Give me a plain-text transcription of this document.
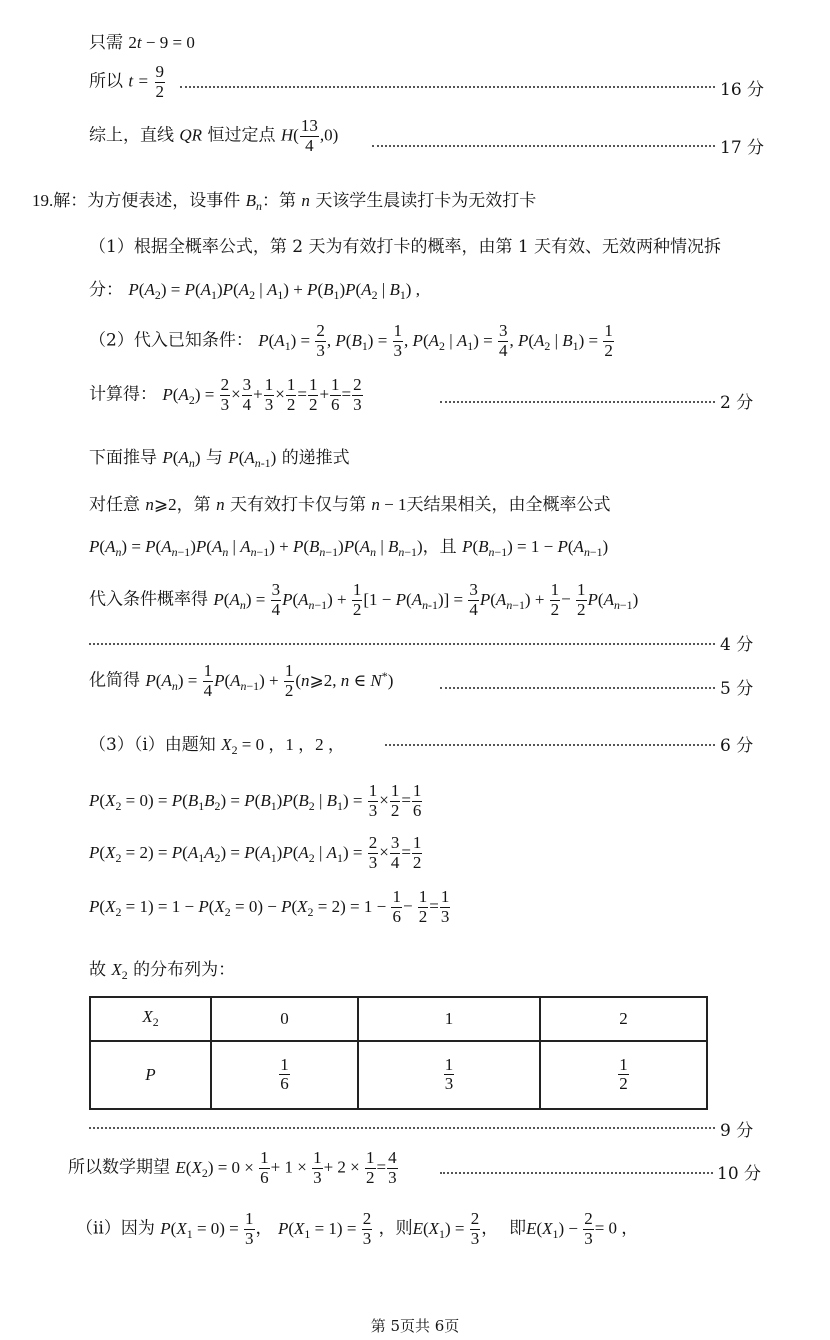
只需 2t − 9 = 0
所以 $t = \frac{9}{2}$	16 分
综上，直线 QR 恒过定点 $H( \frac{13}{4} ,0)$
17 分
19.解：为方便表述，设事件 $B_n$：第 n 天该学生晨读打卡为无效打卡
（1）根据全概率公式，第 2 天为有效打卡的概率，由第 1 天有效、无效两种情况拆
分： $P(A_2) = P(A_1)P(A_2$ | $A_1) + P(B_1)P(A_2$ | $B_1$) ,
（2）代入已知条件： $P(A_1) = \frac{2}{3}$ , $P(B_1) = \frac{1}{3}$ , $P(A_2$ | $A_1) = \frac{3}{4}$ , $P(A_2$ | $B_1) = \frac{1}{2}$
计算得： $P(A_2) = \frac{2}{3} \times \frac{3}{4} + \frac{1}{3} \times \frac{1}{2} = \frac{1}{2} + \frac{1}{6} = \frac{2}{3}$	2 分
下面推导 $P(A_n)$ 与 $P(A_{n-1})$ 的递推式
对任意 n⩾2，第 n 天有效打卡仅与第 n − 1天结果相关，由全概率公式
$P(A_n) = P(A_{n-1})P(A_n$ | $A_{n-1}) + P(B_{n-1})P(A_n$ | $B_{n-1}$)，且 $P(B_{n-1}) = 1 - P(A_{n-1})$
代入条件概率得 $P(A_n) = \frac{3}{4} P(A_{n-1}) + \frac{1}{2} [1 - P(A_{n-1})] = \frac{3}{4} P(A_{n-1}) + \frac{1}{2} - \frac{1}{2} P(A_{n-1})$
4 分
化简得 $P(A_n) = \frac{1}{4} P(A_{n-1}) + \frac{1}{2}$ (n⩾2, n ∈ N*)	5 分
（3）（ⅰ）由题知 $X_2 = 0$ ，1 ，2 ，	6 分
$P(X_2 = 0) = P(B_1B_2) = P(B_1)P(B_2$ | $B_1) = \frac{1}{3} \times \frac{1}{2} = \frac{1}{6}$
$P(X_2 = 2) = P(A_1A_2) = P(A_1)P(A_2$ | $A_1) = \frac{2}{3} \times \frac{3}{4} = \frac{1}{2}$
$P(X_2 = 1) = 1 - P(X_2 = 0) - P(X_2 = 2) = 1 - \frac{1}{6} - \frac{1}{2} = \frac{1}{3}$
故 $X_2$ 的分布列为：
$X_2$	0	1	2
P	$\frac{1}{6}$	$\frac{1}{3}$	$\frac{1}{2}$
9 分
所以数学期望 $E(X_2) = 0 \times \frac{1}{6} + 1 \times \frac{1}{3} + 2 \times \frac{1}{2} = \frac{4}{3}$	10 分
（ⅱ）因为 $P(X_1 = 0) = \frac{1}{3}$ ， $P(X_1 = 1) = \frac{2}{3}$ ，则$E(X_1) = \frac{2}{3}$ ， 即$E(X_1) - \frac{2}{3} = 0$ ，
第 5页共 6页
